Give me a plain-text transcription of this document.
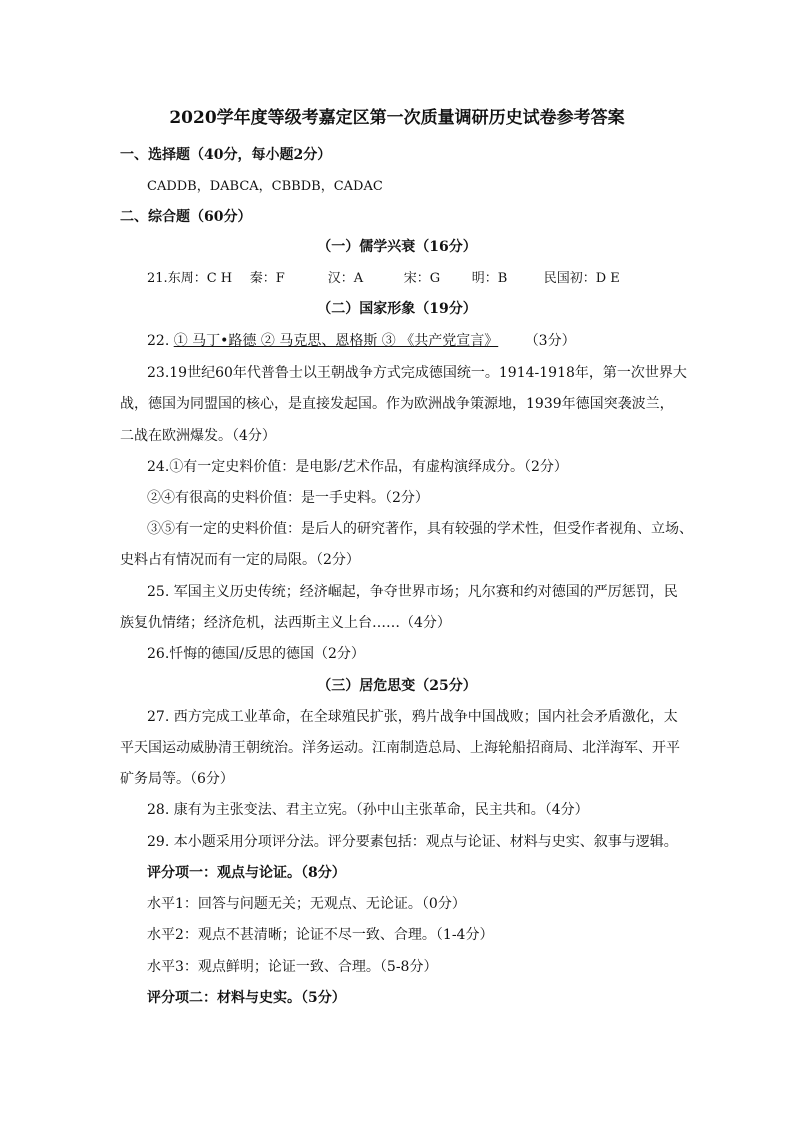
2020学年度等级考嘉定区第一次质量调研历史试卷参考答案
一、选择题（40分，每小题2分）
CADDB，DABCA，CBBDB，CADAC
二、综合题（60分）
（一）儒学兴衰（16分）
21.东周：C H 秦：F	汉：A	宋：G 明：B	民国初：D E
（二）国家形象（19分）
22. ① 马丁•路德 ② 马克思、恩格斯 ③ 《共产党宣言》 （3分）
23.19世纪60年代普鲁士以王朝战争方式完成德国统一。1914-1918年，第一次世界大
战，德国为同盟国的核心，是直接发起国。作为欧洲战争策源地，1939年德国突袭波兰，
二战在欧洲爆发。（4分）
24.①有一定史料价值：是电影/艺术作品，有虚构演绎成分。（2分）
②④有很高的史料价值：是一手史料。（2分）
③⑤有一定的史料价值：是后人的研究著作，具有较强的学术性，但受作者视角、立场、
史料占有情况而有一定的局限。（2分）
25. 军国主义历史传统；经济崛起，争夺世界市场；凡尔赛和约对德国的严厉惩罚，民
族复仇情绪；经济危机，法西斯主义上台……（4分）
26.忏悔的德国/反思的德国（2分）
（三）居危思变（25分）
27. 西方完成工业革命，在全球殖民扩张，鸦片战争中国战败；国内社会矛盾激化，太
平天国运动威胁清王朝统治。洋务运动。江南制造总局、上海轮船招商局、北洋海军、开平
矿务局等。（6分）
28. 康有为主张变法、君主立宪。（孙中山主张革命，民主共和。（4分）
29. 本小题采用分项评分法。评分要素包括：观点与论证、材料与史实、叙事与逻辑。
评分项一：观点与论证。（8分）
水平1：回答与问题无关；无观点、无论证。（0分）
水平2：观点不甚清晰；论证不尽一致、合理。（1-4分）
水平3：观点鲜明；论证一致、合理。（5-8分）
评分项二：材料与史实。（5分）
